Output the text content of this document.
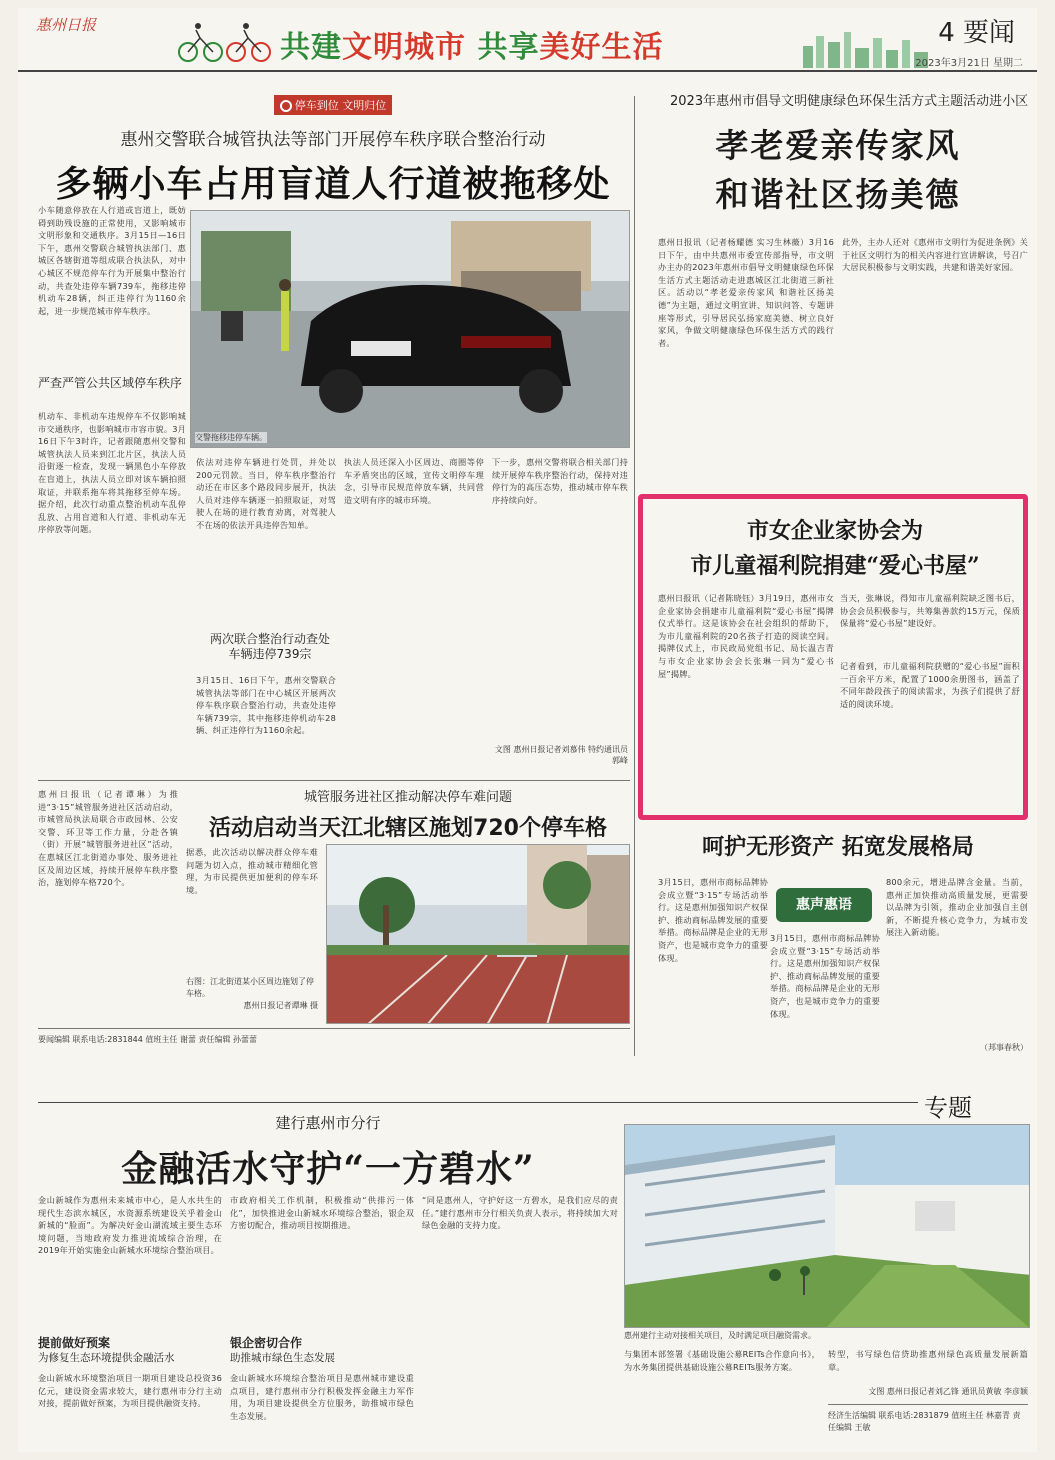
惠州日报
共建文明城市 共享美好生活	4 要闻
2023年3月21日 星期二
停车到位 文明归位
惠州交警联合城管执法等部门开展停车秩序联合整治行动
多辆小车占用盲道人行道被拖移处
小车随意停放在人行道或盲道上，既妨碍到助残设施的正常使用，又影响城市文明形象和交通秩序。3月15日—16日下午，惠州交警联合城管执法部门、惠城区各辖街道等组成联合执法队，对中心城区不规范停车行为开展集中整治行动，共查处违停车辆739车，拖移违停机动车28辆，纠正违停行为1160余起，进一步规范城市停车秩序。
交警拖移违停车辆。
严查严管公共区域停车秩序
机动车、非机动车违规停车不仅影响城市交通秩序，也影响城市市容市貌。3月16日下午3时许，记者跟随惠州交警和城管执法人员来到江北片区，执法人员沿街逐一检查，发现一辆黑色小车停放在盲道上，执法人员立即对该车辆拍照取证，并联系拖车将其拖移至停车场。据介绍，此次行动重点整治机动车乱停乱放、占用盲道和人行道、非机动车无序停放等问题。
依法对违停车辆进行处罚，并处以200元罚款。当日，停车秩序整治行动还在市区多个路段同步展开，执法人员对违停车辆逐一拍照取证，对驾驶人在场的进行教育劝离，对驾驶人不在场的依法开具违停告知单。
执法人员还深入小区周边、商圈等停车矛盾突出的区域，宣传文明停车理念，引导市民规范停放车辆，共同营造文明有序的城市环境。
下一步，惠州交警将联合相关部门持续开展停车秩序整治行动，保持对违停行为的高压态势，推动城市停车秩序持续向好。
两次联合整治行动查处车辆违停739宗
3月15日、16日下午，惠州交警联合城管执法等部门在中心城区开展两次停车秩序联合整治行动，共查处违停车辆739宗，其中拖移违停机动车28辆、纠正违停行为1160余起。
文图 惠州日报记者刘慕伟 特约通讯员郭峰
惠州日报讯（记者谭琳）为推进“3·15”城管服务进社区活动启动，市城管局执法局联合市政园林、公安交警、环卫等工作力量，分赴各镇（街）开展“城管服务进社区”活动，在惠城区江北街道办事处、服务进社区及周边区域，持续开展停车秩序整治，施划停车格720个。
城管服务进社区推动解决停车难问题
活动启动当天江北辖区施划720个停车格
据悉，此次活动以解决群众停车难问题为切入点，推动城市精细化管理，为市民提供更加便利的停车环境。
右图：江北街道某小区周边施划了停车格。
惠州日报记者谭琳 摄
要闻编辑 联系电话:2831844 值班主任 谢蕾 责任编辑 孙蕾蕾
2023年惠州市倡导文明健康绿色环保生活方式主题活动进小区
孝老爱亲传家风
和谐社区扬美德
惠州日报讯（记者杨耀德 实习生林薇）3月16日下午，由中共惠州市委宣传部指导，市文明办主办的2023年惠州市倡导文明健康绿色环保生活方式主题活动走进惠城区江北街道三新社区。活动以“孝老爱亲传家风 和谐社区扬美德”为主题，通过文明宣讲、知识问答、专题讲座等形式，引导居民弘扬家庭美德、树立良好家风，争做文明健康绿色环保生活方式的践行者。
此外，主办人还对《惠州市文明行为促进条例》关于社区文明行为的相关内容进行宣讲解读，号召广大居民积极参与文明实践，共建和谐美好家园。
市女企业家协会为
市儿童福利院捐建“爱心书屋”
惠州日报讯（记者陈晓钰）3月19日，惠州市女企业家协会捐建市儿童福利院“爱心书屋”揭牌仪式举行。这是该协会在社会组织的帮助下，为市儿童福利院的20名孩子打造的阅读空间。揭牌仪式上，市民政局党组书记、局长温吉青与市女企业家协会会长张琳一同为“爱心书屋”揭牌。
当天，张琳说，得知市儿童福利院缺乏图书后，协会会员积极参与，共筹集善款约15万元，保质保量将“爱心书屋”建设好。
记者看到，市儿童福利院获赠的“爱心书屋”面积一百余平方米，配置了1000余册图书，涵盖了不同年龄段孩子的阅读需求，为孩子们提供了舒适的阅读环境。
呵护无形资产 拓宽发展格局
3月15日，惠州市商标品牌协会成立暨“3·15”专场活动举行。这是惠州加强知识产权保护、推动商标品牌发展的重要举措。商标品牌是企业的无形资产，也是城市竞争力的重要体现。
惠声惠语
3月15日，惠州市商标品牌协会成立暨“3·15”专场活动举行。这是惠州加强知识产权保护、推动商标品牌发展的重要举措。商标品牌是企业的无形资产，也是城市竞争力的重要体现。
800余元，增进品牌含金量。当前，惠州正加快推动高质量发展，更需要以品牌为引领，推动企业加强自主创新，不断提升核心竞争力，为城市发展注入新动能。
（邦事春秋）
专题
建行惠州市分行
金融活水守护“一方碧水”
金山新城作为惠州未来城市中心，是人水共生的现代生态滨水城区，水资源系统建设关乎着金山新城的“脸面”。为解决好金山湖流域主要生态环境问题，当地政府发力推进流域综合治理，在2019年开始实施金山新城水环境综合整治项目。
提前做好预案
为修复生态环境提供金融活水
金山新城水环境整治项目一期项目建设总投资36亿元，建设资金需求较大，建行惠州市分行主动对接，提前做好预案，为项目提供融资支持。
市政府相关工作机制，积极推动“供排污一体化”，加快推进金山新城水环境综合整治，银企双方密切配合，推动项目按期推进。
银企密切合作
助推城市绿色生态发展
金山新城水环境综合整治项目是惠州城市建设重点项目，建行惠州市分行积极发挥金融主力军作用，为项目建设提供全方位服务，助推城市绿色生态发展。
“同是惠州人，守护好这一方碧水，是我们应尽的责任。”建行惠州市分行相关负责人表示，将持续加大对绿色金融的支持力度。
惠州建行主动对接相关项目，及时满足项目融资需求。
与集团本部签署《基础设施公募REITs合作意向书》，为水务集团提供基础设施公募REITs服务方案。
转型，书写绿色信贷助推惠州绿色高质量发展新篇章。
文图 惠州日报记者刘乙锋 通讯员黄敏 李彦颖
经济生活编辑 联系电话:2831879 值班主任 林嘉青 责任编辑 王敏
